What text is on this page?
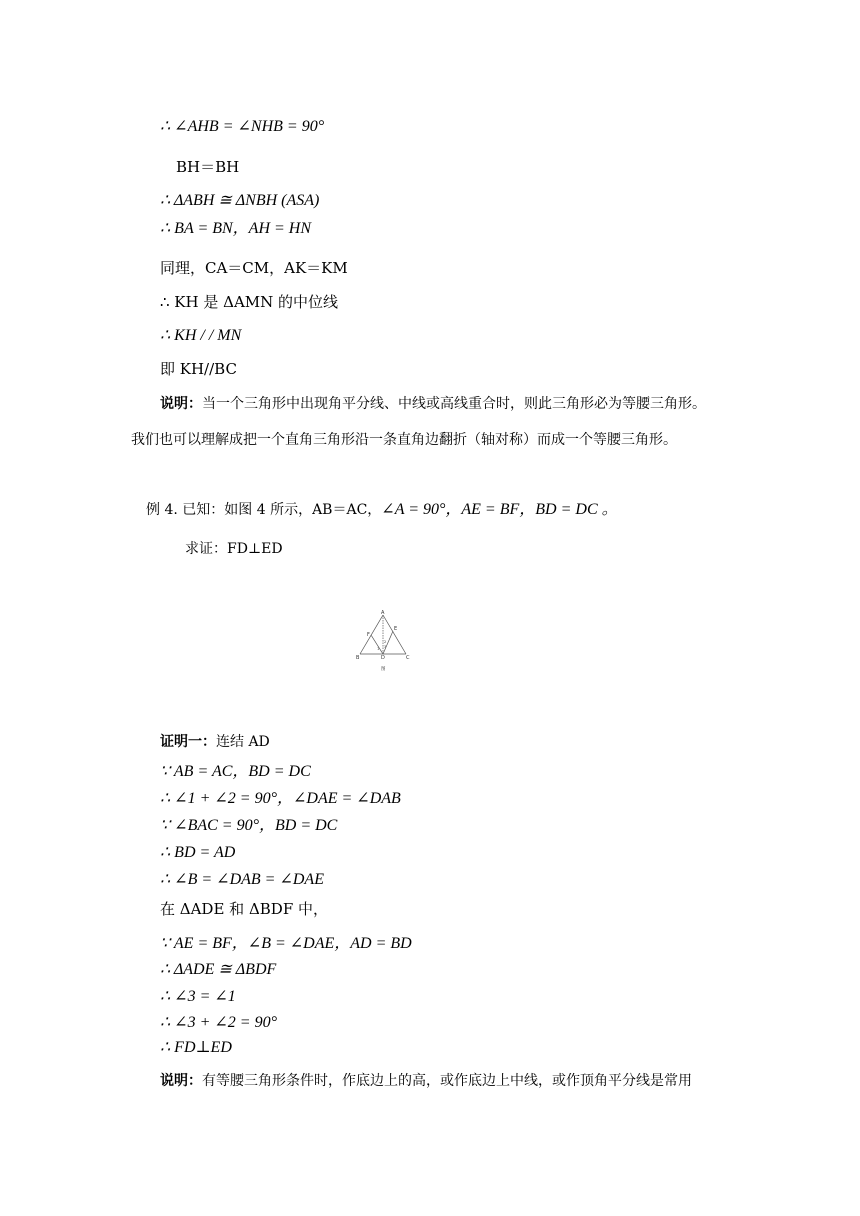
∴ ∠AHB = ∠NHB = 90°
BH＝BH
∴ ΔABH ≅ ΔNBH (ASA)
∴ BA = BN，AH = HN
同理，CA＝CM，AK＝KM
∴ KH 是 ΔAMN 的中位线
∴ KH / / MN
即 KH//BC
说明：当一个三角形中出现角平分线、中线或高线重合时，则此三角形必为等腰三角形。
我们也可以理解成把一个直角三角形沿一条直角边翻折（轴对称）而成一个等腰三角形。
例 4. 已知：如图 4 所示，AB＝AC，∠A = 90°，AE = BF，BD = DC 。
求证：FD⊥ED
A
F
E
B	D	C
1
2
3
图
证明一：连结 AD
∵ AB = AC，BD = DC
∴ ∠1 + ∠2 = 90°，∠DAE = ∠DAB
∵ ∠BAC = 90°，BD = DC
∴ BD = AD
∴ ∠B = ∠DAB = ∠DAE
在 ΔADE 和 ΔBDF 中，
∵ AE = BF，∠B = ∠DAE，AD = BD
∴ ΔADE ≅ ΔBDF
∴ ∠3 = ∠1
∴ ∠3 + ∠2 = 90°
∴ FD⊥ED
说明：有等腰三角形条件时，作底边上的高，或作底边上中线，或作顶角平分线是常用
